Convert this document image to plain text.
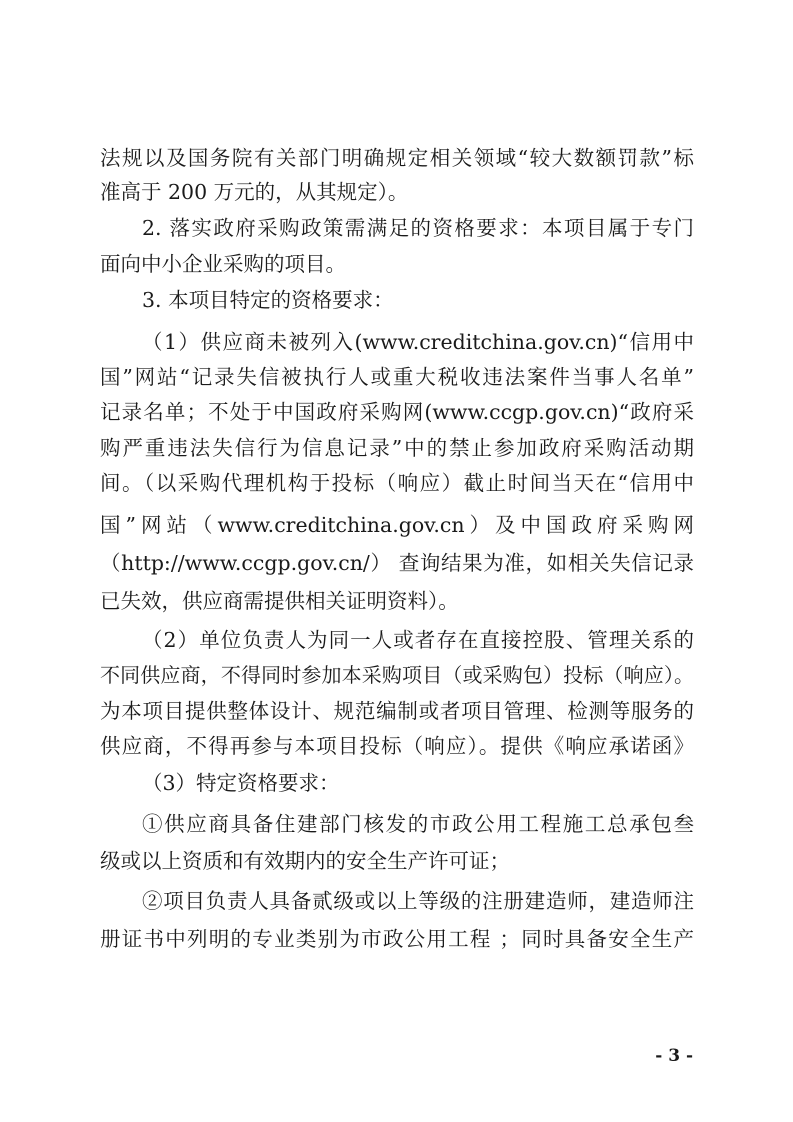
法规以及国务院有关部门明确规定相关领域“较大数额罚款”标
准高于 200 万元的，从其规定）。
2. 落实政府采购政策需满足的资格要求：本项目属于专门
面向中小企业采购的项目。
3. 本项目特定的资格要求：
（1）供应商未被列入(www.creditchina.gov.cn)“信用中
国”网站“记录失信被执行人或重大税收违法案件当事人名单”
记录名单；不处于中国政府采购网(www.ccgp.gov.cn)“政府采
购严重违法失信行为信息记录”中的禁止参加政府采购活动期
间。（以采购代理机构于投标（响应）截止时间当天在“信用中
国”网站（www.creditchina.gov.cn）及中国政府采购网
（http://www.ccgp.gov.cn/） 查询结果为准，如相关失信记录
已失效，供应商需提供相关证明资料）。
（2）单位负责人为同一人或者存在直接控股、管理关系的
不同供应商，不得同时参加本采购项目（或采购包）投标（响应）。
为本项目提供整体设计、规范编制或者项目管理、检测等服务的
供应商，不得再参与本项目投标（响应）。提供《响应承诺函》
（3）特定资格要求：
①供应商具备住建部门核发的市政公用工程施工总承包叁
级或以上资质和有效期内的安全生产许可证；
②项目负责人具备贰级或以上等级的注册建造师，建造师注
册证书中列明的专业类别为市政公用工程 ；同时具备安全生产
- 3 -
